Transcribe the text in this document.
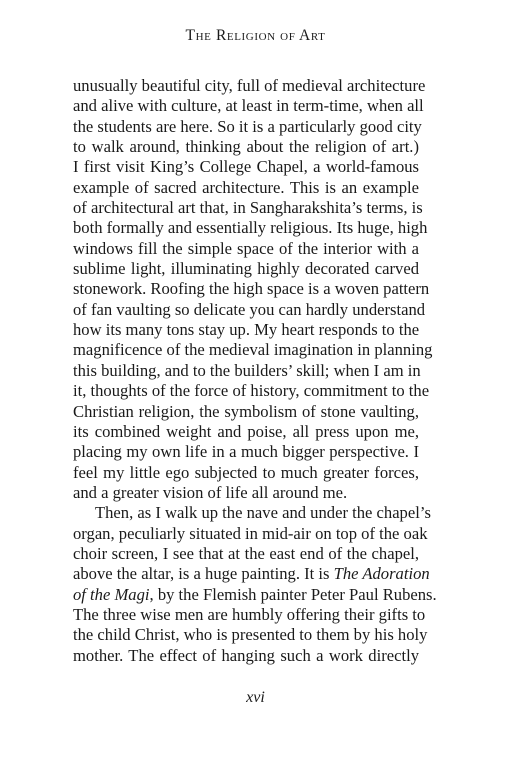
The Religion of Art
unusually beautiful city, full of medieval architecture
and alive with culture, at least in term-time, when all
the students are here. So it is a particularly good city
to walk around, thinking about the religion of art.)
I first visit King’s College Chapel, a world-famous
example of sacred architecture. This is an example
of architectural art that, in Sangharakshita’s terms, is
both formally and essentially religious. Its huge, high
windows fill the simple space of the interior with a
sublime light, illuminating highly decorated carved
stonework. Roofing the high space is a woven pattern
of fan vaulting so delicate you can hardly understand
how its many tons stay up. My heart responds to the
magnificence of the medieval imagination in planning
this building, and to the builders’ skill; when I am in
it, thoughts of the force of history, commitment to the
Christian religion, the symbolism of stone vaulting,
its combined weight and poise, all press upon me,
placing my own life in a much bigger perspective. I
feel my little ego subjected to much greater forces,
and a greater vision of life all around me.
Then, as I walk up the nave and under the chapel’s
organ, peculiarly situated in mid-air on top of the oak
choir screen, I see that at the east end of the chapel,
above the altar, is a huge painting. It is The Adoration
of the Magi, by the Flemish painter Peter Paul Rubens.
The three wise men are humbly offering their gifts to
the child Christ, who is presented to them by his holy
mother. The effect of hanging such a work directly
xvi
